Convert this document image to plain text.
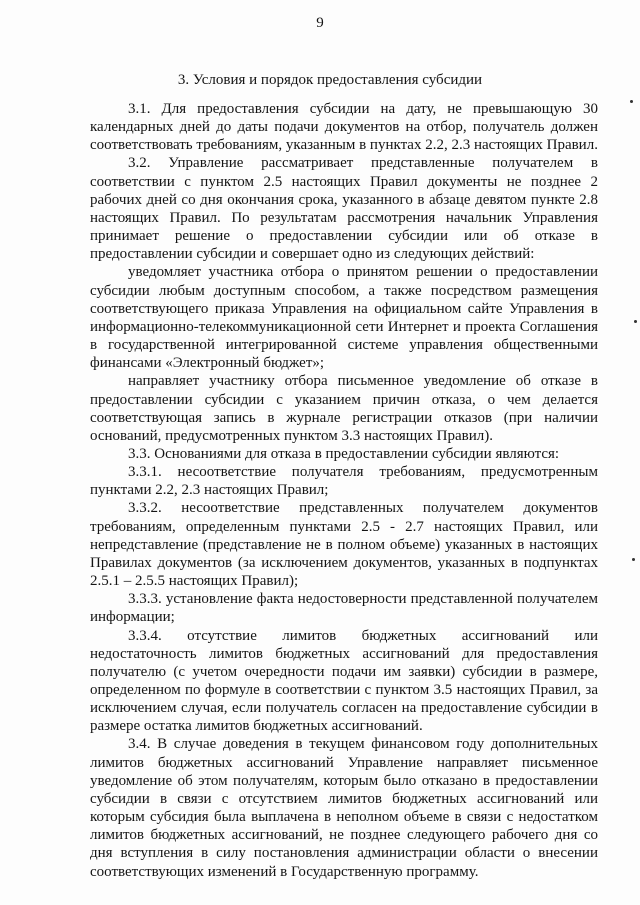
9
3. Условия и порядок предоставления субсидии

3.1. Для предоставления субсидии на дату, не превышающую 30 календарных дней до даты подачи документов на отбор, получатель должен соответствовать требованиям, указанным в пунктах 2.2, 2.3 настоящих Правил.

3.2. Управление рассматривает представленные получателем в соответствии с пунктом 2.5 настоящих Правил документы не позднее 2 рабочих дней со дня окончания срока, указанного в абзаце девятом пункте 2.8 настоящих Правил. По результатам рассмотрения начальник Управления принимает решение о предоставлении субсидии или об отказе в предоставлении субсидии и совершает одно из следующих действий:

уведомляет участника отбора о принятом решении о предоставлении субсидии любым доступным способом, а также посредством размещения соответствующего приказа Управления на официальном сайте Управления в информационно-телекоммуникационной сети Интернет и проекта Соглашения в государственной интегрированной системе управления общественными финансами «Электронный бюджет»;

направляет участнику отбора письменное уведомление об отказе в предоставлении субсидии с указанием причин отказа, о чем делается соответствующая запись в журнале регистрации отказов (при наличии оснований, предусмотренных пунктом 3.3 настоящих Правил).

3.3. Основаниями для отказа в предоставлении субсидии являются:

3.3.1. несоответствие получателя требованиям, предусмотренным пунктами 2.2, 2.3 настоящих Правил;

3.3.2. несоответствие представленных получателем документов требованиям, определенным пунктами 2.5 - 2.7 настоящих Правил, или непредставление (представление не в полном объеме) указанных в настоящих Правилах документов (за исключением документов, указанных в подпунктах 2.5.1 – 2.5.5 настоящих Правил);

3.3.3. установление факта недостоверности представленной получателем информации;

3.3.4. отсутствие лимитов бюджетных ассигнований или недостаточность лимитов бюджетных ассигнований для предоставления получателю (с учетом очередности подачи им заявки) субсидии в размере, определенном по формуле в соответствии с пунктом 3.5 настоящих Правил, за исключением случая, если получатель согласен на предоставление субсидии в размере остатка лимитов бюджетных ассигнований.

3.4. В случае доведения в текущем финансовом году дополнительных лимитов бюджетных ассигнований Управление направляет письменное уведомление об этом получателям, которым было отказано в предоставлении субсидии в связи с отсутствием лимитов бюджетных ассигнований или которым субсидия была выплачена в неполном объеме в связи с недостатком лимитов бюджетных ассигнований, не позднее следующего рабочего дня со дня вступления в силу постановления администрации области о внесении соответствующих изменений в Государственную программу.
